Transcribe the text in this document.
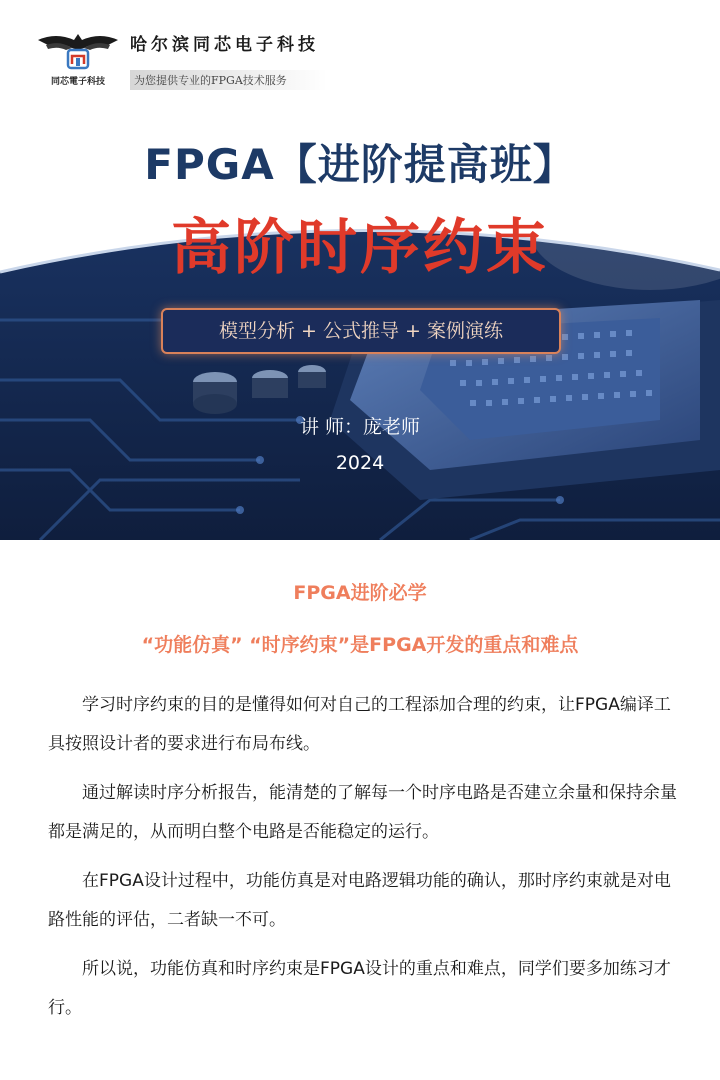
同芯電子科技
哈尔滨同芯电子科技
为您提供专业的FPGA技术服务
FPGA【进阶提高班】
高阶时序约束
模型分析 + 公式推导 + 案例演练
讲 师：庞老师
2024
FPGA进阶必学
“功能仿真” “时序约束”是FPGA开发的重点和难点

学习时序约束的目的是懂得如何对自己的工程添加合理的约束，让FPGA编译工具按照设计者的要求进行布局布线。

通过解读时序分析报告，能清楚的了解每一个时序电路是否建立余量和保持余量都是满足的，从而明白整个电路是否能稳定的运行。

在FPGA设计过程中，功能仿真是对电路逻辑功能的确认，那时序约束就是对电路性能的评估，二者缺一不可。

所以说，功能仿真和时序约束是FPGA设计的重点和难点，同学们要多加练习才行。
